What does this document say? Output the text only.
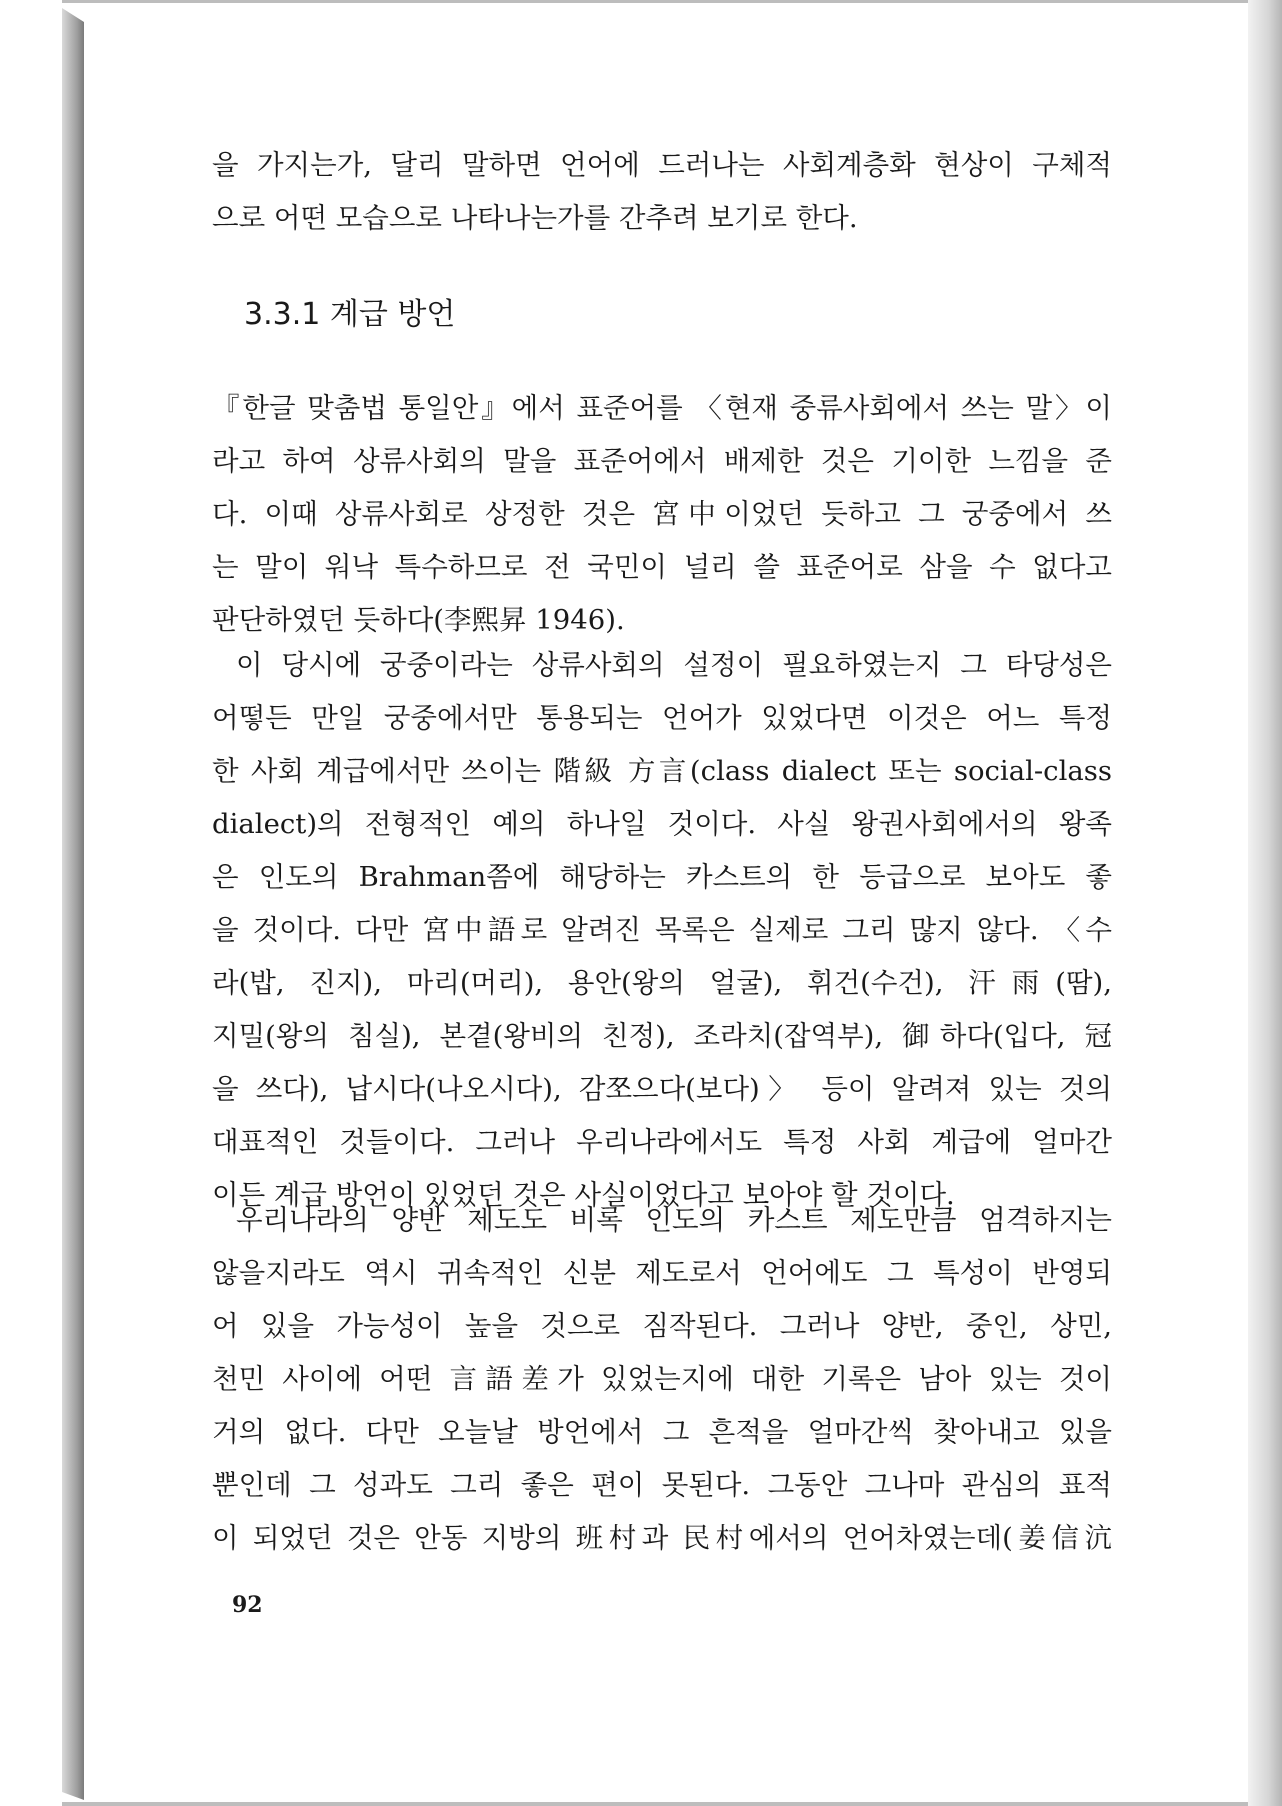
을 가지는가, 달리 말하면 언어에 드러나는 사회계층화 현상이 구체적
으로 어떤 모습으로 나타나는가를 간추려 보기로 한다.
3.3.1 계급 방언
『한글 맞춤법 통일안』에서 표준어를 〈현재 중류사회에서 쓰는 말〉이
라고 하여 상류사회의 말을 표준어에서 배제한 것은 기이한 느낌을 준
다. 이때 상류사회로 상정한 것은 宮中이었던 듯하고 그 궁중에서 쓰
는 말이 워낙 특수하므로 전 국민이 널리 쓸 표준어로 삼을 수 없다고
판단하였던 듯하다(李熙昇 1946).
이 당시에 궁중이라는 상류사회의 설정이 필요하였는지 그 타당성은
어떻든 만일 궁중에서만 통용되는 언어가 있었다면 이것은 어느 특정
한 사회 계급에서만 쓰이는 階級 方言(class dialect 또는 social-class
dialect)의 전형적인 예의 하나일 것이다. 사실 왕권사회에서의 왕족
은 인도의 Brahman쯤에 해당하는 카스트의 한 등급으로 보아도 좋
을 것이다. 다만 宮中語로 알려진 목록은 실제로 그리 많지 않다. 〈수
라(밥, 진지), 마리(머리), 용안(왕의 얼굴), 휘건(수건), 汗雨(땀),
지밀(왕의 침실), 본곁(왕비의 친정), 조라치(잡역부), 御하다(입다, 冠
을 쓰다), 납시다(나오시다), 감쪼으다(보다)〉 등이 알려져 있는 것의
대표적인 것들이다. 그러나 우리나라에서도 특정 사회 계급에 얼마간
이든 계급 방언이 있었던 것은 사실이었다고 보아야 할 것이다.
우리나라의 양반 제도도 비록 인도의 카스트 제도만큼 엄격하지는
않을지라도 역시 귀속적인 신분 제도로서 언어에도 그 특성이 반영되
어 있을 가능성이 높을 것으로 짐작된다. 그러나 양반, 중인, 상민,
천민 사이에 어떤 言語差가 있었는지에 대한 기록은 남아 있는 것이
거의 없다. 다만 오늘날 방언에서 그 흔적을 얼마간씩 찾아내고 있을
뿐인데 그 성과도 그리 좋은 편이 못된다. 그동안 그나마 관심의 표적
이 되었던 것은 안동 지방의 班村과 民村에서의 언어차였는데(姜信沆
92
